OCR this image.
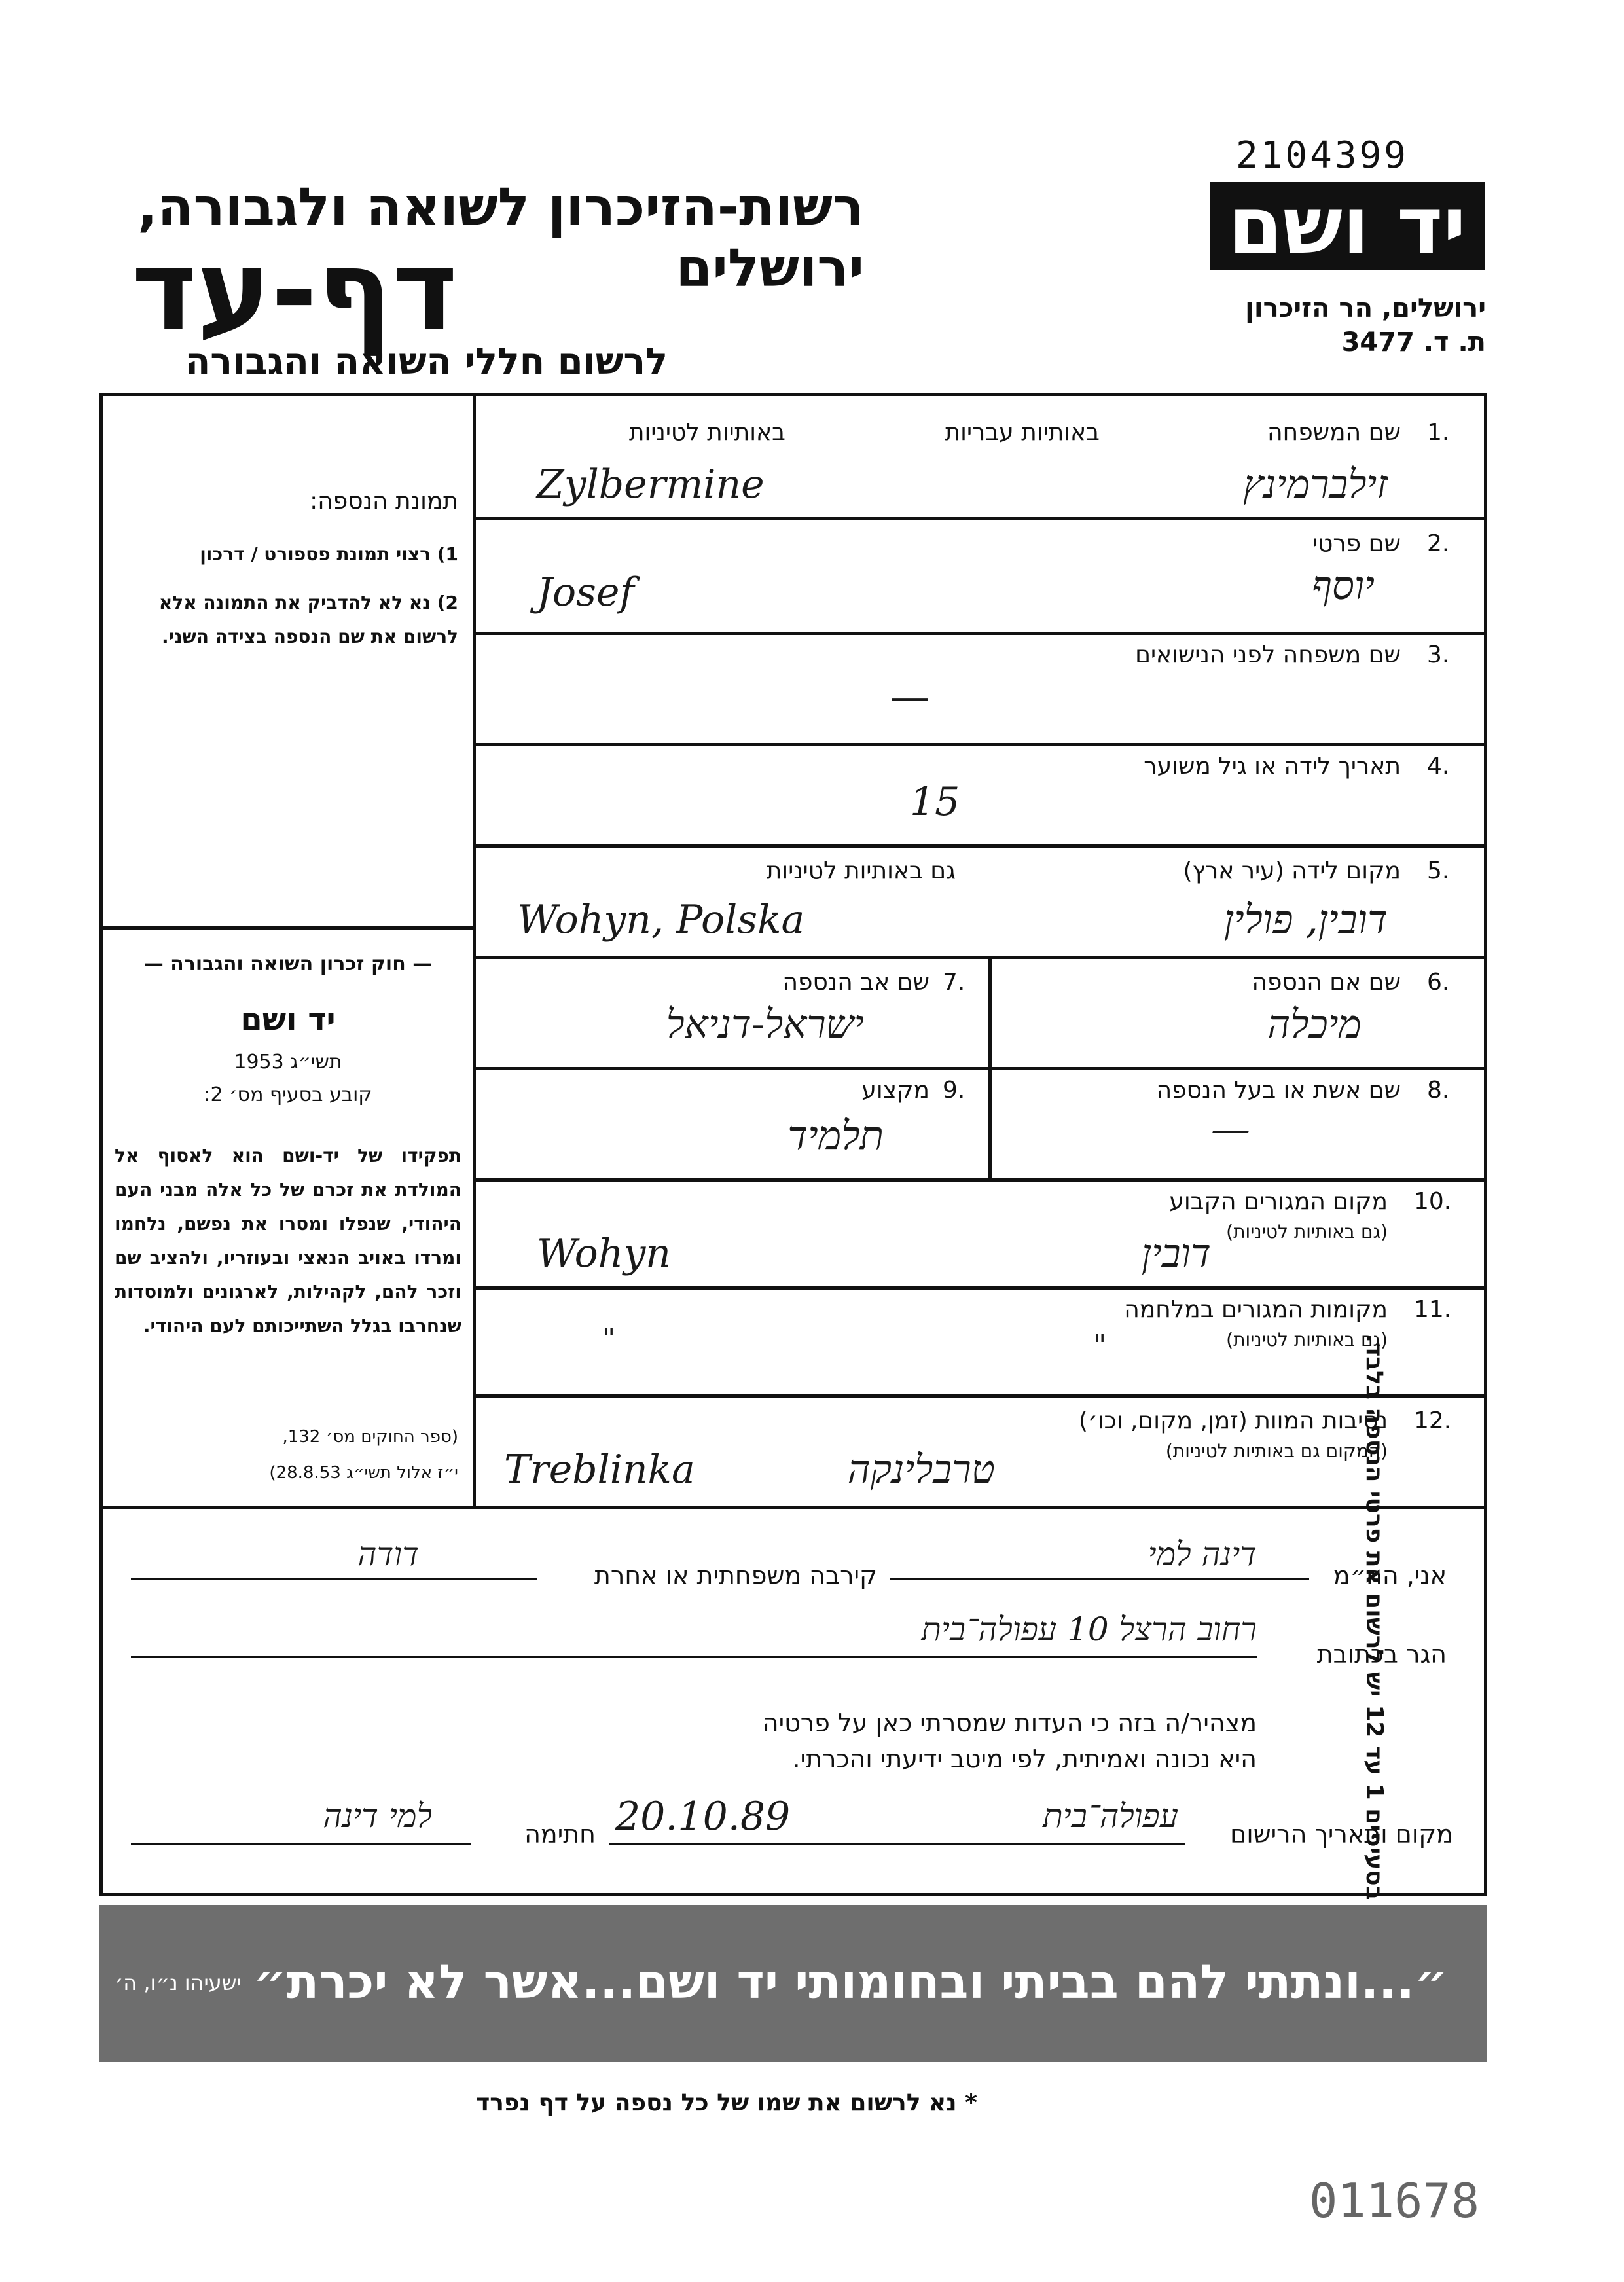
2104399
יד ושם
ירושלים, הר הזיכרון
ת. ד. 3477
רשות-הזיכרון לשואה ולגבורה, ירושלים
דף-עד
לרשום חללי השואה והגבורה
1.
שם המשפחה
באותיות עבריות
באותיות לטיניות
זילברמינץ
Zylbermine
2.
שם פרטי
יוסף
Josef
3.
שם משפחה לפני הנישואים
—
4.
תאריך לידה או גיל משוער
15
5.
מקום לידה (עיר ארץ)
גם באותיות לטיניות
דובין, פולין
Wohyn, Polska
6.
שם אם הנספה
מיכלה
7.
שם אב הנספה
ישראל-דניאל
8.
שם אשת או בעל הנספה
—
9.
מקצוע
תלמיד
10.
מקום המגורים הקבוע
(גם באותיות לטיניות)
דובין
Wohyn
11.
מקומות המגורים במלחמה
(גם באותיות לטיניות)
"
"
12.
נסיבות המוות (זמן, מקום, וכו׳)
(המקום גם באותיות לטיניות)
טרבלינקה
Treblinka
תמונת הנספה:
1) רצוי תמונת פספורט / דרכון
2) נא לא להדביק את התמונה אלא לרשום את שם הנספה בצידה השני.
— חוק זכרון השואה והגבורה —
יד ושם
תשי״ג 1953
קובע בסעיף מס׳ 2:
תפקידו של יד-ושם הוא לאסוף אל המולדת את זכרם של כל אלה מבני העם היהודי, שנפלו ומסרו את נפשם, נלחמו ומרדו באויב הנאצי ובעוזריו, ולהציב שם וזכר להם, לקהילות, לארגונים ולמוסדות שנחרבו בגלל השתייכותם לעם היהודי.
(ספר החוקים מס׳ 132,
י״ז אלול תשי״ג 28.8.53)
אני, הח״מ
דינה למי
קירבה משפחתית או אחרת
דודה
הגר בכתובת
רחוב הרצל 10 עפולה־בית
מצהיר/ה בזה כי העדות שמסרתי כאן על פרטיה
היא נכונה ואמיתית, לפי מיטב ידיעתי והכרתי.
מקום ותאריך הרישום
עפולה־בית
20.10.89
חתימה
למי דינה
״...ונתתי להם בביתי ובחומותי יד ושם...אשר לא יכרת״
ישעיהו נ״ו, ה׳
* נא לרשום את שמו של כל נספה על דף נפרד
011678
בסעיפים 1 עד 12 יש לרשום את פרטי הנספה בלבד.
